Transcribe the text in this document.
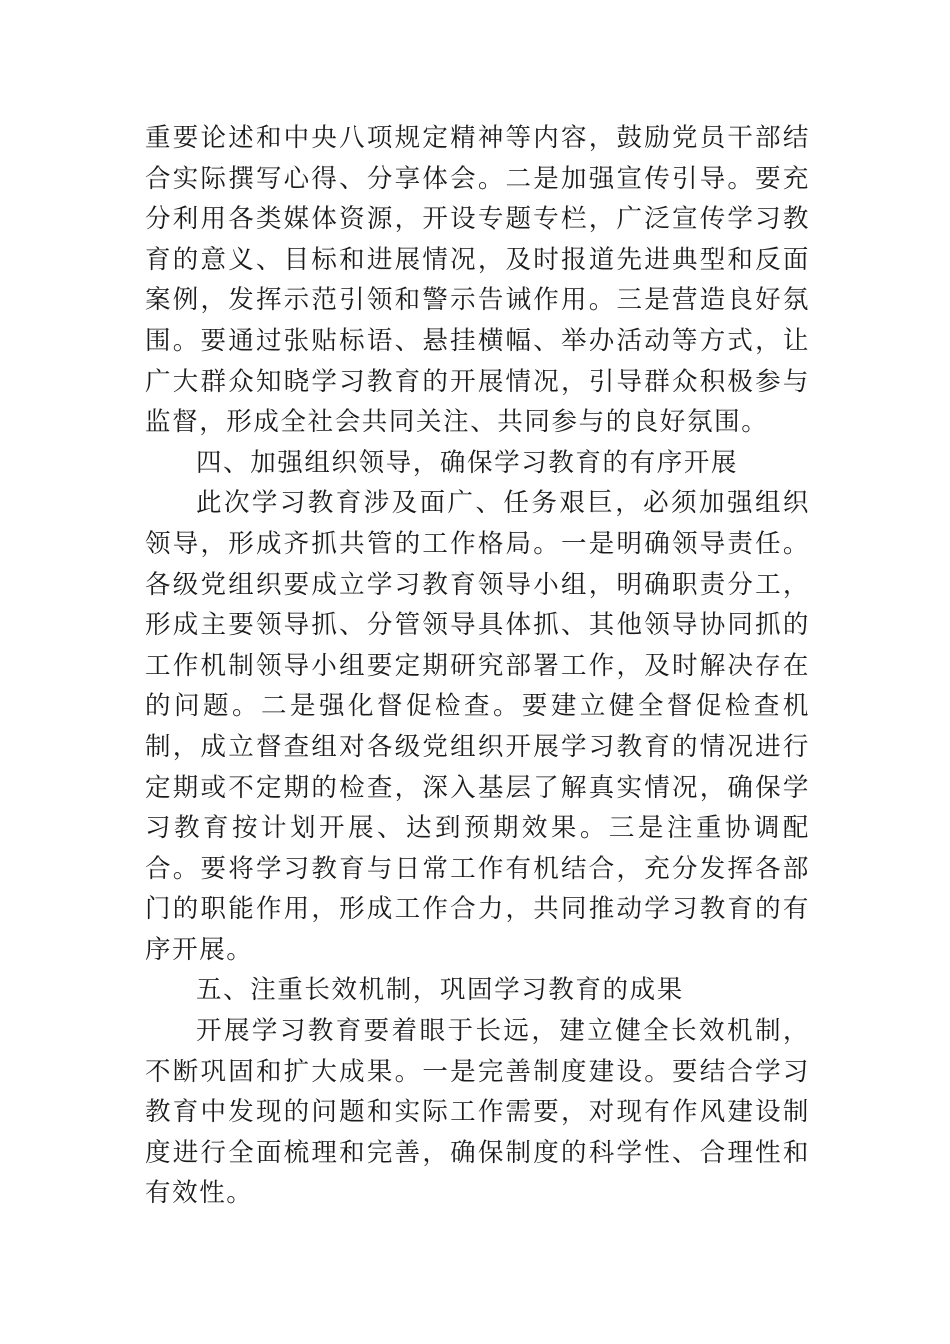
重要论述和中央八项规定精神等内容，鼓励党员干部结合实际撰写心得、分享体会。二是加强宣传引导。要充分利用各类媒体资源，开设专题专栏，广泛宣传学习教育的意义、目标和进展情况，及时报道先进典型和反面案例，发挥示范引领和警示告诫作用。三是营造良好氛围。要通过张贴标语、悬挂横幅、举办活动等方式，让广大群众知晓学习教育的开展情况，引导群众积极参与监督，形成全社会共同关注、共同参与的良好氛围。

四、加强组织领导，确保学习教育的有序开展

此次学习教育涉及面广、任务艰巨，必须加强组织领导，形成齐抓共管的工作格局。一是明确领导责任。各级党组织要成立学习教育领导小组，明确职责分工，形成主要领导抓、分管领导具体抓、其他领导协同抓的工作机制领导小组要定期研究部署工作，及时解决存在的问题。二是强化督促检查。要建立健全督促检查机制，成立督查组对各级党组织开展学习教育的情况进行定期或不定期的检查，深入基层了解真实情况，确保学习教育按计划开展、达到预期效果。三是注重协调配合。要将学习教育与日常工作有机结合，充分发挥各部门的职能作用，形成工作合力，共同推动学习教育的有序开展。

五、注重长效机制，巩固学习教育的成果

开展学习教育要着眼于长远，建立健全长效机制，不断巩固和扩大成果。一是完善制度建设。要结合学习教育中发现的问题和实际工作需要，对现有作风建设制度进行全面梳理和完善，确保制度的科学性、合理性和有效性。
